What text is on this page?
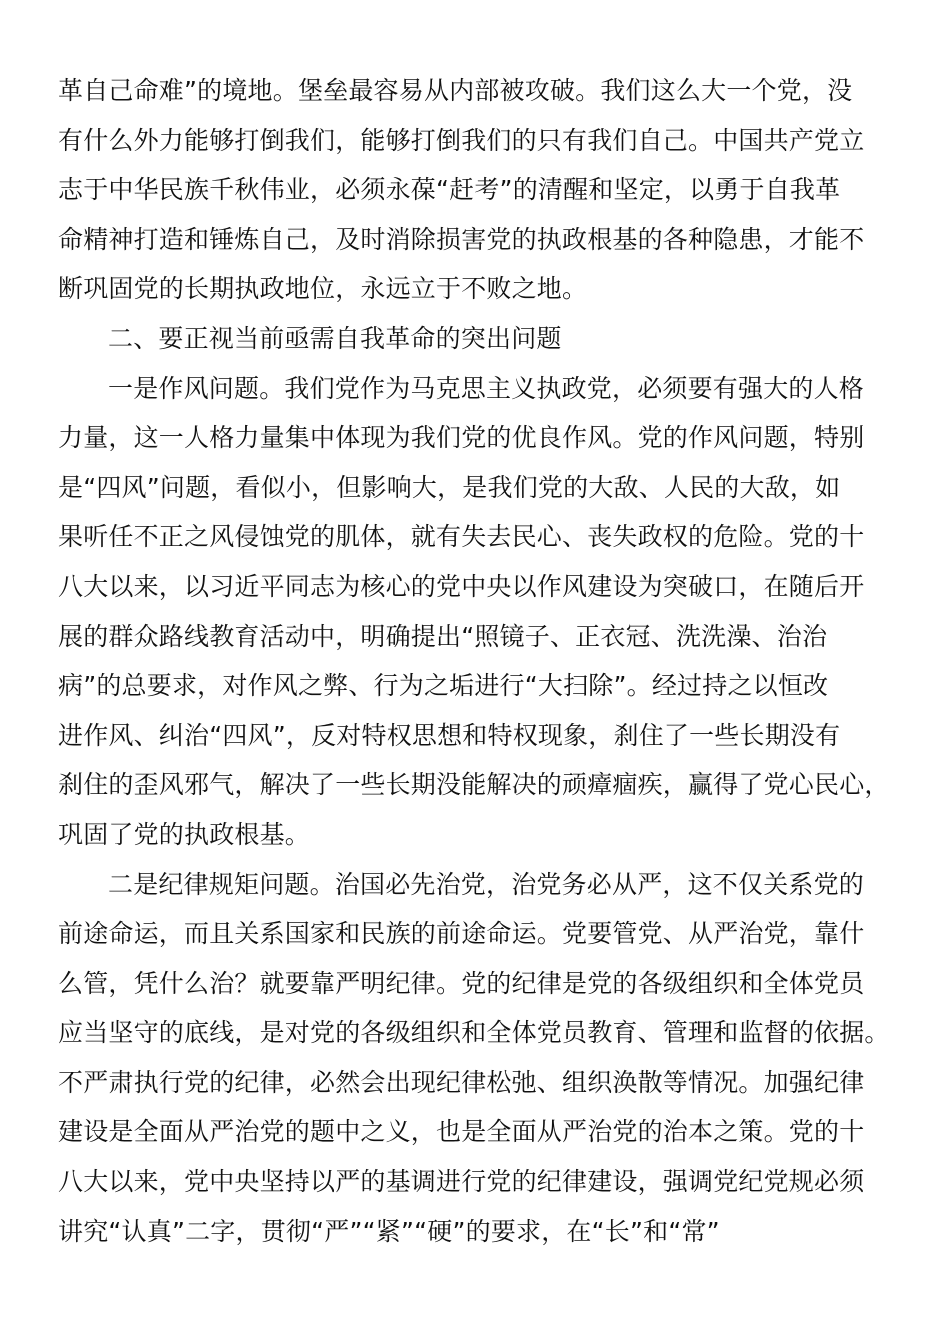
革自己命难”的境地。堡垒最容易从内部被攻破。我们这么大一个党，没
有什么外力能够打倒我们，能够打倒我们的只有我们自己。中国共产党立
志于中华民族千秋伟业，必须永葆“赶考”的清醒和坚定，以勇于自我革
命精神打造和锤炼自己，及时消除损害党的执政根基的各种隐患，才能不
断巩固党的长期执政地位，永远立于不败之地。
二、要正视当前亟需自我革命的突出问题
一是作风问题。我们党作为马克思主义执政党，必须要有强大的人格
力量，这一人格力量集中体现为我们党的优良作风。党的作风问题，特别
是“四风”问题，看似小，但影响大，是我们党的大敌、人民的大敌，如
果听任不正之风侵蚀党的肌体，就有失去民心、丧失政权的危险。党的十
八大以来，以习近平同志为核心的党中央以作风建设为突破口，在随后开
展的群众路线教育活动中，明确提出“照镜子、正衣冠、洗洗澡、治治
病”的总要求，对作风之弊、行为之垢进行“大扫除”。经过持之以恒改
进作风、纠治“四风”，反对特权思想和特权现象，刹住了一些长期没有
刹住的歪风邪气，解决了一些长期没能解决的顽瘴痼疾，赢得了党心民心，
巩固了党的执政根基。
二是纪律规矩问题。治国必先治党，治党务必从严，这不仅关系党的
前途命运，而且关系国家和民族的前途命运。党要管党、从严治党，靠什
么管，凭什么治？就要靠严明纪律。党的纪律是党的各级组织和全体党员
应当坚守的底线，是对党的各级组织和全体党员教育、管理和监督的依据。
不严肃执行党的纪律，必然会出现纪律松弛、组织涣散等情况。加强纪律
建设是全面从严治党的题中之义，也是全面从严治党的治本之策。党的十
八大以来，党中央坚持以严的基调进行党的纪律建设，强调党纪党规必须
讲究“认真”二字，贯彻“严”“紧”“硬”的要求，在“长”和“常”
